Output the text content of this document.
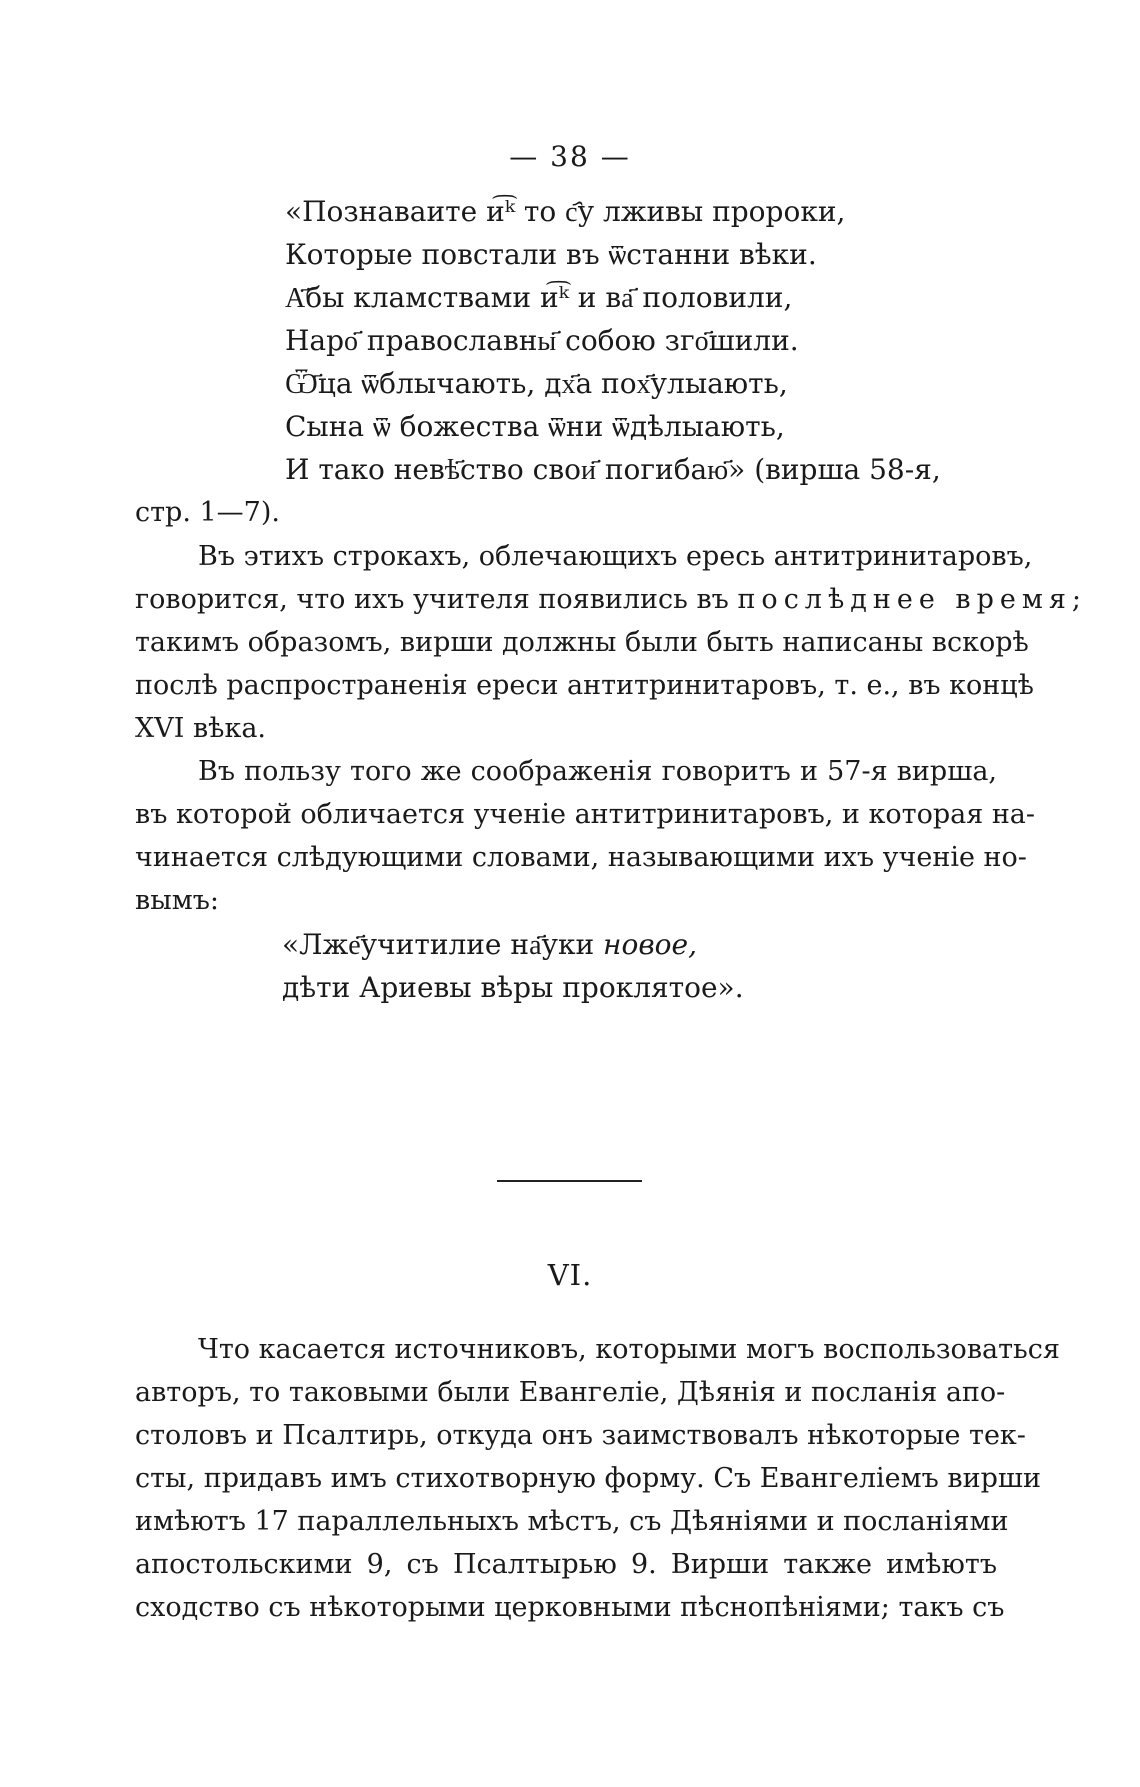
— 38 —
«Познаваите и͡ᵏ то с҄у лживы пророки,
Которые повстали въ ѿстанни вѣки.
А҃бы кламствами и͡ᵏ и ва҃ половили,
Наро҃ православны҃ собою зго҃шили.
Ѿ҃ца ѿблычають, дх҃а пох҃улыають,
Сына ѿ божества ѿни ѿдѣлыають,
И тако невѣ҃ство свои҃ погибаю҃» (вирша 58-я,
стр. 1—7).
Въ этихъ строкахъ, облечающихъ ересь антитринитаровъ,
говорится, что ихъ учителя появились въ послѣднее время;
такимъ образомъ, вирши должны были быть написаны вскорѣ
послѣ распространенія ереси антитринитаровъ, т. е., въ концѣ
XVI вѣка.
Въ пользу того же соображенія говоритъ и 57-я вирша,
въ которой обличается ученіе антитринитаровъ, и которая на-
чинается слѣдующими словами, называющими ихъ ученіе но-
вымъ:
«Лже҃учитилие на҃уки новое,
дѣти Ариевы вѣры проклятое».
VI.
Что касается источниковъ, которыми могъ воспользоваться
авторъ, то таковыми были Евангеліе, Дѣянія и посланія апо-
столовъ и Псалтирь, откуда онъ заимствовалъ нѣкоторые тек-
сты, придавъ имъ стихотворную форму. Съ Евангеліемъ вирши
имѣютъ 17 параллельныхъ мѣстъ, съ Дѣяніями и посланіями
апостольскими 9, съ Псалтырью 9. Вирши также имѣютъ
сходство съ нѣкоторыми церковными пѣснопѣніями; такъ съ
